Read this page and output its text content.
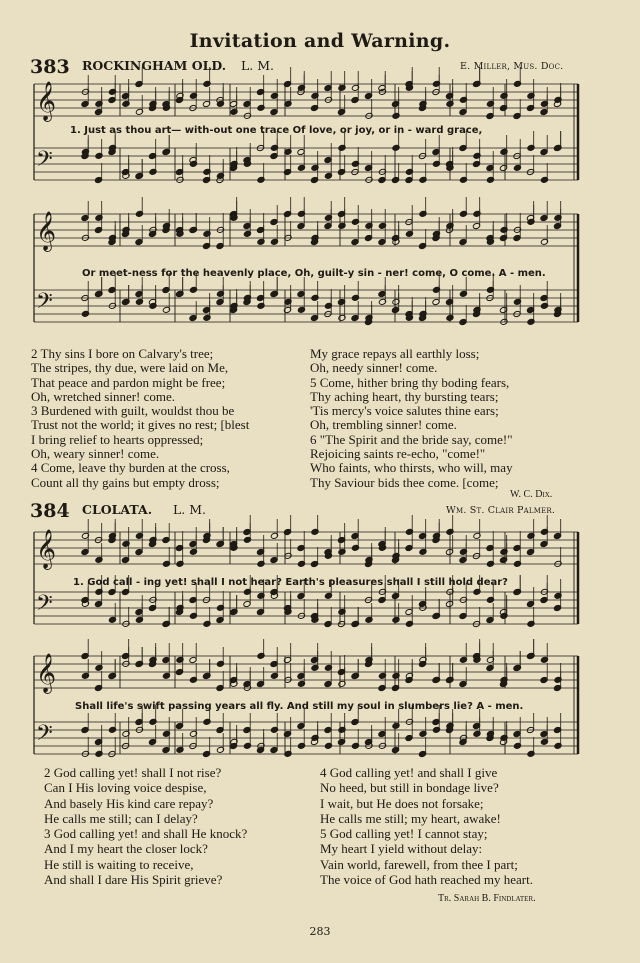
Invitation and Warning.
383 ROCKINGHAM OLD. L. M.	E. Miller, Mus. Doc.
𝄞
𝄢
1. Just as thou art— with-out one trace Of love, or joy, or in - ward grace,
𝄞
𝄢
Or meet-ness for the heavenly place, Oh, guilt-y sin - ner! come, O come. A - men.
2 Thy sins I bore on Calvary's tree;
The stripes, thy due, were laid on Me,
That peace and pardon might be free;
Oh, wretched sinner! come.
3 Burdened with guilt, wouldst thou be
Trust not the world; it gives no rest; [blest
I bring relief to hearts oppressed;
Oh, weary sinner! come.
4 Come, leave thy burden at the cross,
Count all thy gains but empty dross;
My grace repays all earthly loss;
Oh, needy sinner! come.
5 Come, hither bring thy boding fears,
Thy aching heart, thy bursting tears;
'Tis mercy's voice salutes thine ears;
Oh, trembling sinner! come.
6 "The Spirit and the bride say, come!"
Rejoicing saints re-echo, "come!"
Who faints, who thirsts, who will, may
Thy Saviour bids thee come. [come;
W. C. Dix.
384 CLOLATA. L. M.	Wm. St. Clair Palmer.
𝄞
𝄢
1. God call - ing yet! shall I not hear? Earth's pleasures shall I still hold dear?
𝄞
𝄢
Shall life's swift passing years all fly. And still my soul in slumbers lie? A - men.
2 God calling yet! shall I not rise?
Can I His loving voice despise,
And basely His kind care repay?
He calls me still; can I delay?
3 God calling yet! and shall He knock?
And I my heart the closer lock?
He still is waiting to receive,
And shall I dare His Spirit grieve?
4 God calling yet! and shall I give
No heed, but still in bondage live?
I wait, but He does not forsake;
He calls me still; my heart, awake!
5 God calling yet! I cannot stay;
My heart I yield without delay:
Vain world, farewell, from thee I part;
The voice of God hath reached my heart.
283
Tr. Sarah B. Findlater.
